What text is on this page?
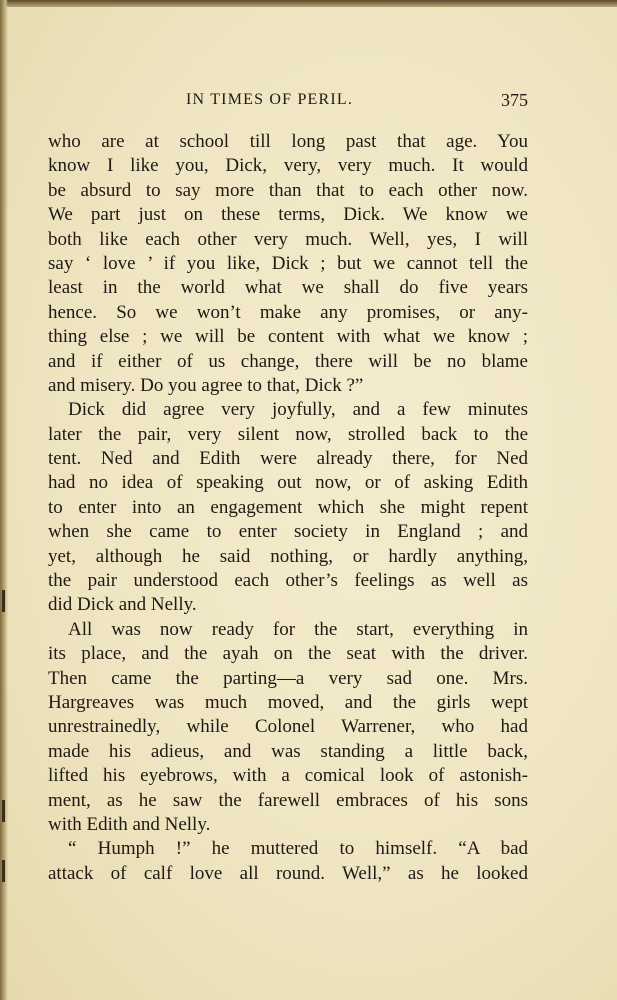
IN TIMES OF PERIL.	375
who are at school till long past that age. You
know I like you, Dick, very, very much. It would
be absurd to say more than that to each other now.
We part just on these terms, Dick. We know we
both like each other very much. Well, yes, I will
say ‘ love ’ if you like, Dick ; but we cannot tell the
least in the world what we shall do five years
hence. So we won’t make any promises, or any-
thing else ; we will be content with what we know ;
and if either of us change, there will be no blame
and misery. Do you agree to that, Dick ?”
Dick did agree very joyfully, and a few minutes
later the pair, very silent now, strolled back to the
tent. Ned and Edith were already there, for Ned
had no idea of speaking out now, or of asking Edith
to enter into an engagement which she might repent
when she came to enter society in England ; and
yet, although he said nothing, or hardly anything,
the pair understood each other’s feelings as well as
did Dick and Nelly.
All was now ready for the start, everything in
its place, and the ayah on the seat with the driver.
Then came the parting—a very sad one. Mrs.
Hargreaves was much moved, and the girls wept
unrestrainedly, while Colonel Warrener, who had
made his adieus, and was standing a little back,
lifted his eyebrows, with a comical look of astonish-
ment, as he saw the farewell embraces of his sons
with Edith and Nelly.
“ Humph !” he muttered to himself. “A bad
attack of calf love all round. Well,” as he looked
